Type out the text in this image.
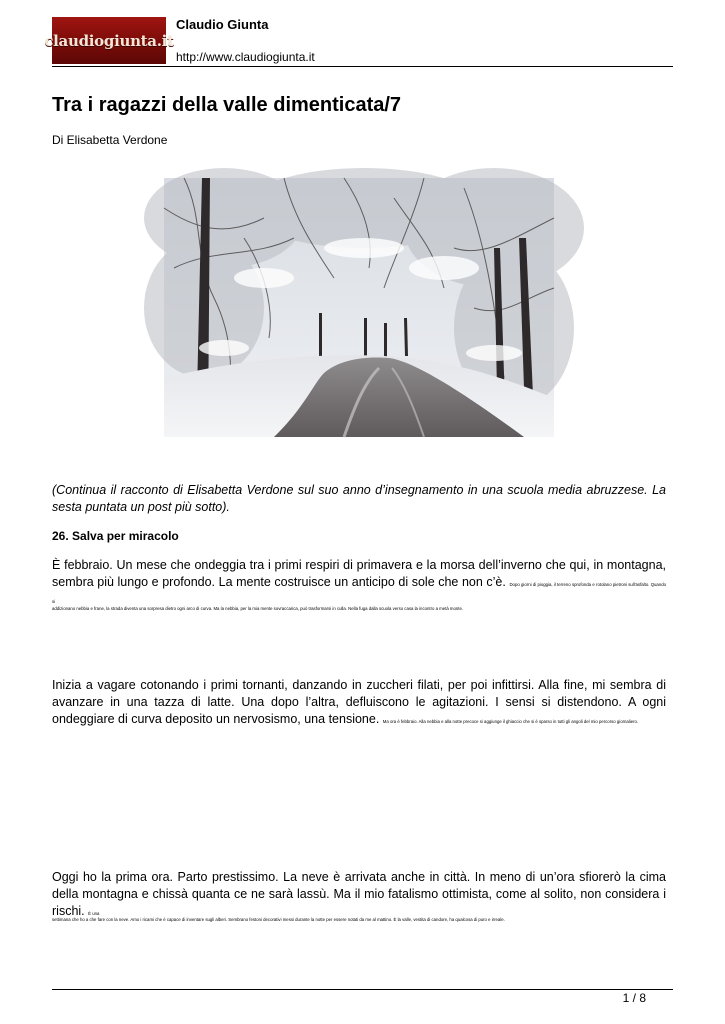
claudiogiunta.it
Claudio Giunta
http://www.claudiogiunta.it
Tra i ragazzi della valle dimenticata/7
Di Elisabetta Verdone

(Continua il racconto di Elisabetta Verdone sul suo anno d’insegnamento in una scuola media abruzzese. La sesta puntata un post più sotto).

26. Salva per miracolo

È febbraio. Un mese che ondeggia tra i primi respiri di primavera e la morsa dell’inverno che qui, in montagna, sembra più lungo e profondo. La mente costruisce un anticipo di sole che non c’è. Dopo giorni di pioggia, il terreno sprofonda e rotolano pietroni sull'asfalto. Quando si

addizionano nebbia e frane, la strada diventa una sorpresa dietro ogni arco di curva. Ma la nebbia, per la mia mente sovraccarica, può trasformarsi in culla. Nella fuga dalla scuola verso casa la incontro a metà monte.

Inizia a vagare cotonando i primi tornanti, danzando in zuccheri filati, per poi infittirsi. Alla fine, mi sembra di avanzare in una tazza di latte. Una dopo l’altra, defluiscono le agitazioni. I sensi si distendono. A ogni ondeggiare di curva deposito un nervosismo, una tensione. Ma ora è febbraio. Alla nebbia e alla notte precoce si aggiunge il ghiaccio che si è sparso in tutti gli angoli del mio percorso giornaliero.

Oggi ho la prima ora. Parto prestissimo. La neve è arrivata anche in città. In meno di un’ora sfiorerò la cima della montagna e chissà quanta ce ne sarà lassù. Ma il mio fatalismo ottimista, come al solito, non considera i rischi. È una

settimana che ho a che fare con la neve. Amo i ricami che è capace di inventare sugli alberi. Sembrano festoni decorativi messi durante la notte per essere notati da me al mattino. È la valle, vestita di candore, ha qualcosa di puro e irreale.
1 / 8
